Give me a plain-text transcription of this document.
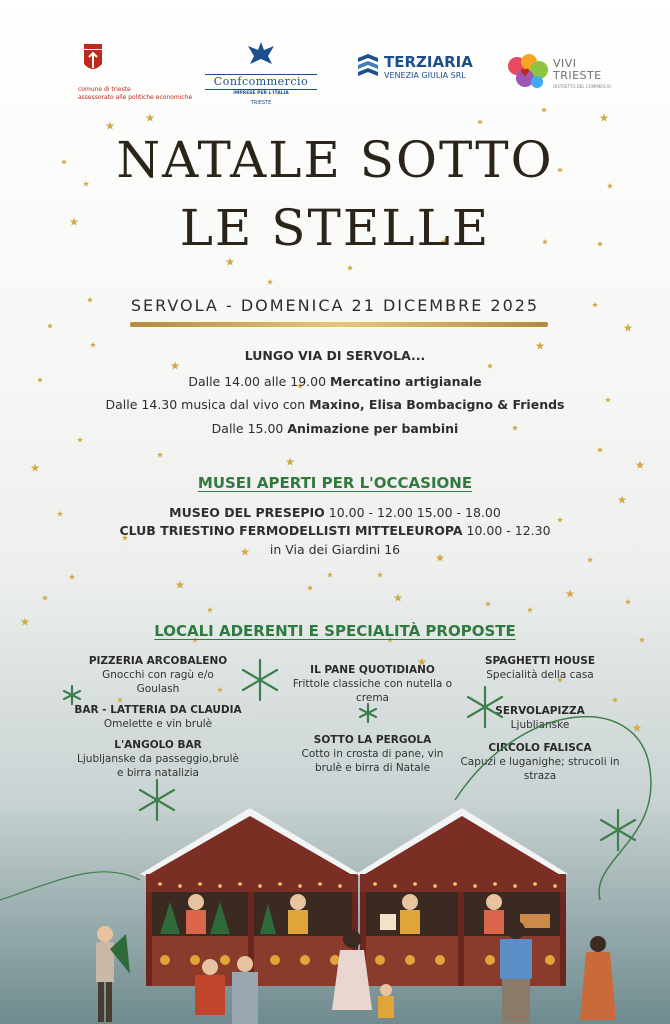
comune di trieste
assessorato alle politiche economiche
Confcommercio
IMPRESE PER L'ITALIA
TRIESTE
TERZIARIA
VENEZIA GIULIA SRL
VIVI
TRIESTE
DISTRETTO DEL COMMERCIO
NATALE SOTTO
LE STELLE
SERVOLA - DOMENICA 21 DICEMBRE 2025
LUNGO VIA DI SERVOLA...
Dalle 14.00 alle 19.00 Mercatino artigianale
Dalle 14.30 musica dal vivo con Maxino, Elisa Bombacigno & Friends
Dalle 15.00 Animazione per bambini
MUSEI APERTI PER L'OCCASIONE
MUSEO DEL PRESEPIO 10.00 - 12.00 15.00 - 18.00
CLUB TRIESTINO FERMODELLISTI MITTELEUROPA 10.00 - 12.30
in Via dei Giardini 16
LOCALI ADERENTI E SPECIALITÀ PROPOSTE
PIZZERIA ARCOBALENO
Gnocchi con ragù e/o
Goulash
BAR - LATTERIA DA CLAUDIA
Omelette e vin brulè
L'ANGOLO BAR
Ljubljanske da passeggio,brulè
e birra natalizia
IL PANE QUOTIDIANO
Frittole classiche con nutella o
crema
SOTTO LA PERGOLA
Cotto in crosta di pane, vin
brulè e birra di Natale
SPAGHETTI HOUSE
Specialità della casa
SERVOLAPIZZA
Ljublianske
CIRCOLO FALISCA
Capuzi e luganighe; strucoli in
straza
